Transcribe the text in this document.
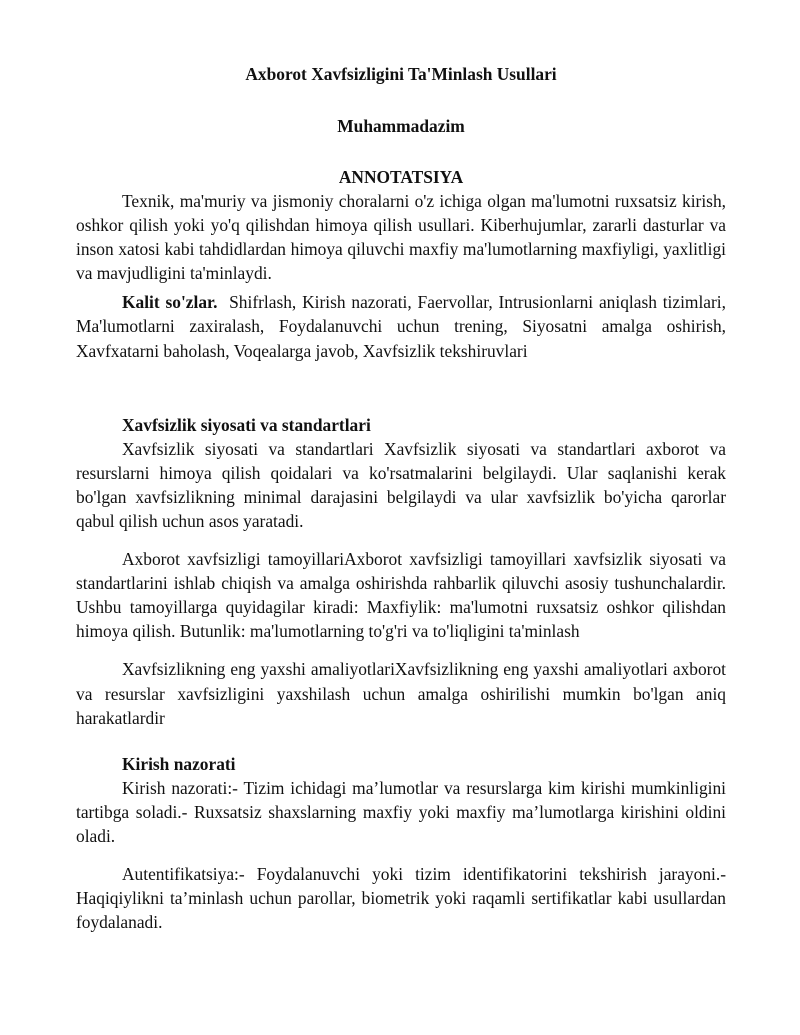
Axborot Xavfsizligini Ta'Minlash Usullari
Muhammadazim
ANNOTATSIYA

Texnik, ma'muriy va jismoniy choralarni o'z ichiga olgan ma'lumotni ruxsatsiz kirish, oshkor qilish yoki yo'q qilishdan himoya qilish usullari. Kiberhujumlar, zararli dasturlar va inson xatosi kabi tahdidlardan himoya qiluvchi maxfiy ma'lumotlarning maxfiyligi, yaxlitligi va mavjudligini ta'minlaydi.

Kalit so'zlar. Shifrlash, Kirish nazorati, Faervollar, Intrusionlarni aniqlash tizimlari, Ma'lumotlarni zaxiralash, Foydalanuvchi uchun trening, Siyosatni amalga oshirish, Xavfxatarni baholash, Voqealarga javob, Xavfsizlik tekshiruvlari

Xavfsizlik siyosati va standartlari

Xavfsizlik siyosati va standartlari Xavfsizlik siyosati va standartlari axborot va resurslarni himoya qilish qoidalari va ko'rsatmalarini belgilaydi. Ular saqlanishi kerak bo'lgan xavfsizlikning minimal darajasini belgilaydi va ular xavfsizlik bo'yicha qarorlar qabul qilish uchun asos yaratadi.

Axborot xavfsizligi tamoyillariAxborot xavfsizligi tamoyillari xavfsizlik siyosati va standartlarini ishlab chiqish va amalga oshirishda rahbarlik qiluvchi asosiy tushunchalardir. Ushbu tamoyillarga quyidagilar kiradi: Maxfiylik: ma'lumotni ruxsatsiz oshkor qilishdan himoya qilish. Butunlik: ma'lumotlarning to'g'ri va to'liqligini ta'minlash

Xavfsizlikning eng yaxshi amaliyotlariXavfsizlikning eng yaxshi amaliyotlari axborot va resurslar xavfsizligini yaxshilash uchun amalga oshirilishi mumkin bo'lgan aniq harakatlardir

Kirish nazorati

Kirish nazorati:- Tizim ichidagi ma’lumotlar va resurslarga kim kirishi mumkinligini tartibga soladi.- Ruxsatsiz shaxslarning maxfiy yoki maxfiy ma’lumotlarga kirishini oldini oladi.

Autentifikatsiya:- Foydalanuvchi yoki tizim identifikatorini tekshirish jarayoni.- Haqiqiylikni ta’minlash uchun parollar, biometrik yoki raqamli sertifikatlar kabi usullardan foydalanadi.
